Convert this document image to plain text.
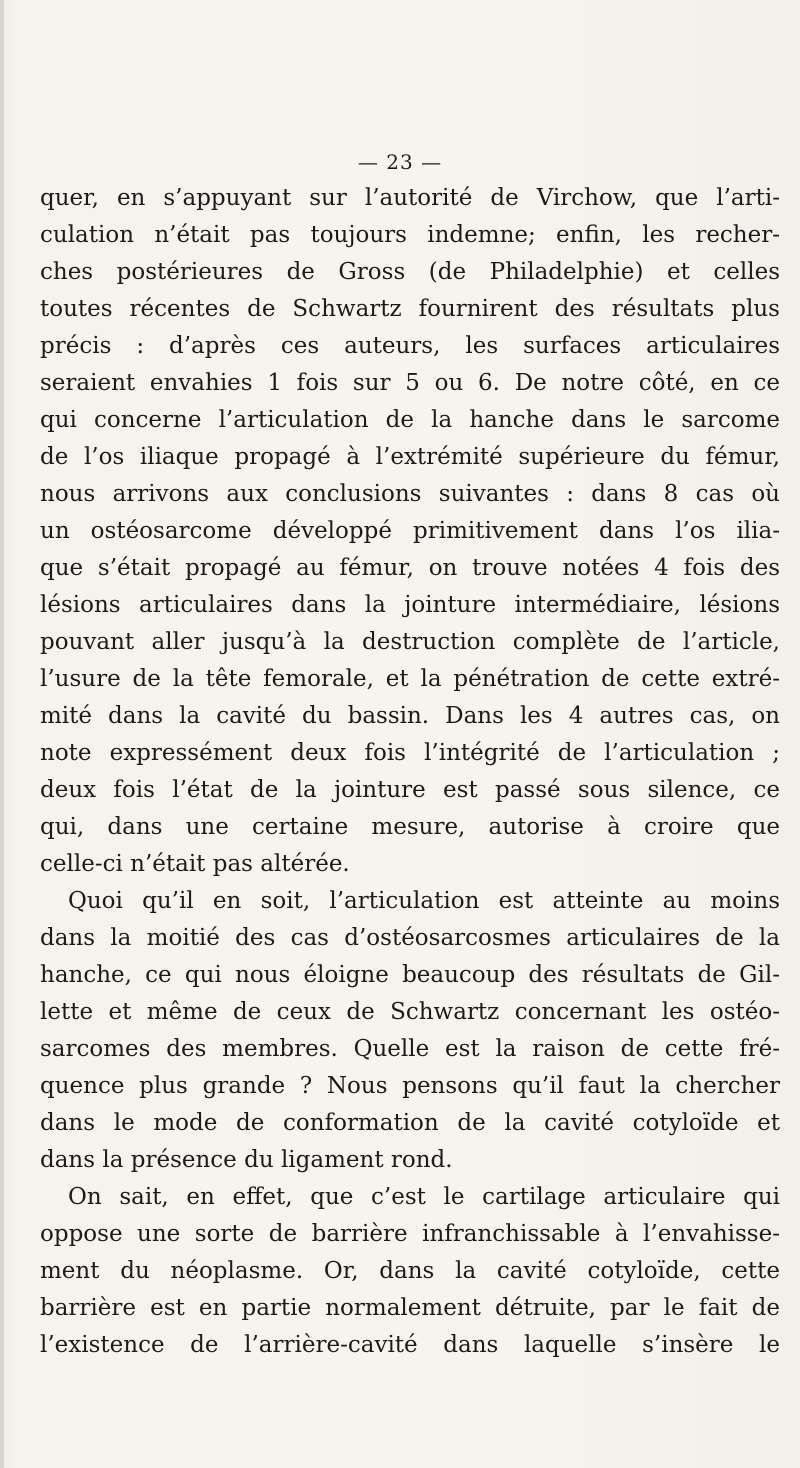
— 23 —
quer, en s’appuyant sur l’autorité de Virchow, que l’arti-
culation n’était pas toujours indemne; enfin, les recher-
ches postérieures de Gross (de Philadelphie) et celles
toutes récentes de Schwartz fournirent des résultats plus
précis : d’après ces auteurs, les surfaces articulaires
seraient envahies 1 fois sur 5 ou 6. De notre côté, en ce
qui concerne l’articulation de la hanche dans le sarcome
de l’os iliaque propagé à l’extrémité supérieure du fémur,
nous arrivons aux conclusions suivantes : dans 8 cas où
un ostéosarcome développé primitivement dans l’os ilia-
que s’était propagé au fémur, on trouve notées 4 fois des
lésions articulaires dans la jointure intermédiaire, lésions
pouvant aller jusqu’à la destruction complète de l’article,
l’usure de la tête femorale, et la pénétration de cette extré-
mité dans la cavité du bassin. Dans les 4 autres cas, on
note expressément deux fois l’intégrité de l’articulation ;
deux fois l’état de la jointure est passé sous silence, ce
qui, dans une certaine mesure, autorise à croire que
celle-ci n’était pas altérée.
Quoi qu’il en soit, l’articulation est atteinte au moins
dans la moitié des cas d’ostéosarcosmes articulaires de la
hanche, ce qui nous éloigne beaucoup des résultats de Gil-
lette et même de ceux de Schwartz concernant les ostéo-
sarcomes des membres. Quelle est la raison de cette fré-
quence plus grande ? Nous pensons qu’il faut la chercher
dans le mode de conformation de la cavité cotyloïde et
dans la présence du ligament rond.
On sait, en effet, que c’est le cartilage articulaire qui
oppose une sorte de barrière infranchissable à l’envahisse-
ment du néoplasme. Or, dans la cavité cotyloïde, cette
barrière est en partie normalement détruite, par le fait de
l’existence de l’arrière-cavité dans laquelle s’insère le
